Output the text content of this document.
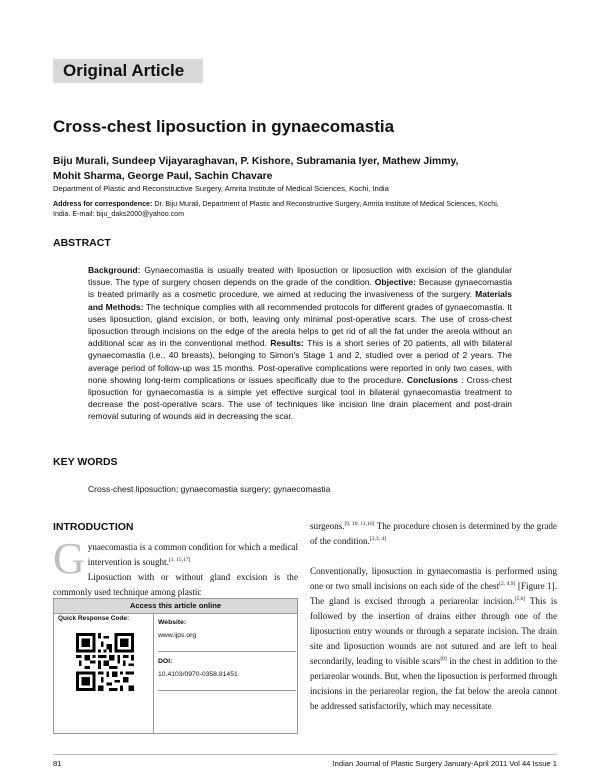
Original Article
Cross-chest liposuction in gynaecomastia
Biju Murali, Sundeep Vijayaraghavan, P. Kishore, Subramania Iyer, Mathew Jimmy,
Mohit Sharma, George Paul, Sachin Chavare
Department of Plastic and Reconstructive Surgery, Amrita Institute of Medical Sciences, Kochi, India
Address for correspondence: Dr. Biju Murali, Department of Plastic and Reconstructive Surgery, Amrita Institute of Medical Sciences, Kochi,
India. E-mail: biju_daks2000@yahoo.com
ABSTRACT
Background: Gynaecomastia is usually treated with liposuction or liposuction with excision of the glandular tissue. The type of surgery chosen depends on the grade of the condition. Objective: Because gynaecomastia is treated primarily as a cosmetic procedure, we aimed at reducing the invasiveness of the surgery. Materials and Methods: The technique complies with all recommended protocols for different grades of gynaecomastia. It uses liposuction, gland excision, or both, leaving only minimal post-operative scars. The use of cross-chest liposuction through incisions on the edge of the areola helps to get rid of all the fat under the areola without an additional scar as in the conventional method. Results: This is a short series of 20 patients, all with bilateral gynaecomastia (i.e., 40 breasts), belonging to Simon's Stage 1 and 2, studied over a period of 2 years. The average period of follow-up was 15 months. Post-operative complications were reported in only two cases, with none showing long-term complications or issues specifically due to the procedure. Conclusions : Cross-chest liposuction for gynaecomastia is a simple yet effective surgical tool in bilateral gynaecomastia treatment to decrease the post-operative scars. The use of techniques like incision line drain placement and post-drain removal suturing of wounds aid in decreasing the scar.
KEY WORDS
Cross-chest liposuction; gynaecomastia surgery; gynaecomastia
INTRODUCTION
Gynaecomastia is a common condition for which a medical intervention is sought.[1, 15,17]
Liposuction with or without gland excision is the commonly used technique among plastic
surgeons.[9, 10, 11,16] The procedure chosen is determined by the grade of the condition.[2,3, 4]
Conventionally, liposuction in gynaecomastia is performed using one or two small incisions on each side of the chest[2, 4,9] [Figure 1]. The gland is excised through a periareolar incision.[5,6] This is followed by the insertion of drains either through one of the liposuction entry wounds or through a separate incision. The drain site and liposuction wounds are not sutured and are left to heal secondarily, leading to visible scars[8] in the chest in addition to the periareolar wounds. But, when the liposuction is performed through incisions in the periareolar region, the fat below the areola cannot be addressed satisfactorily, which may necessitate
Access this article online
Quick Response Code:
Website:
www.ijps.org
DOI:
10.4103/0970-0358.81451
81	Indian Journal of Plastic Surgery January-April 2011 Vol 44 Issue 1
